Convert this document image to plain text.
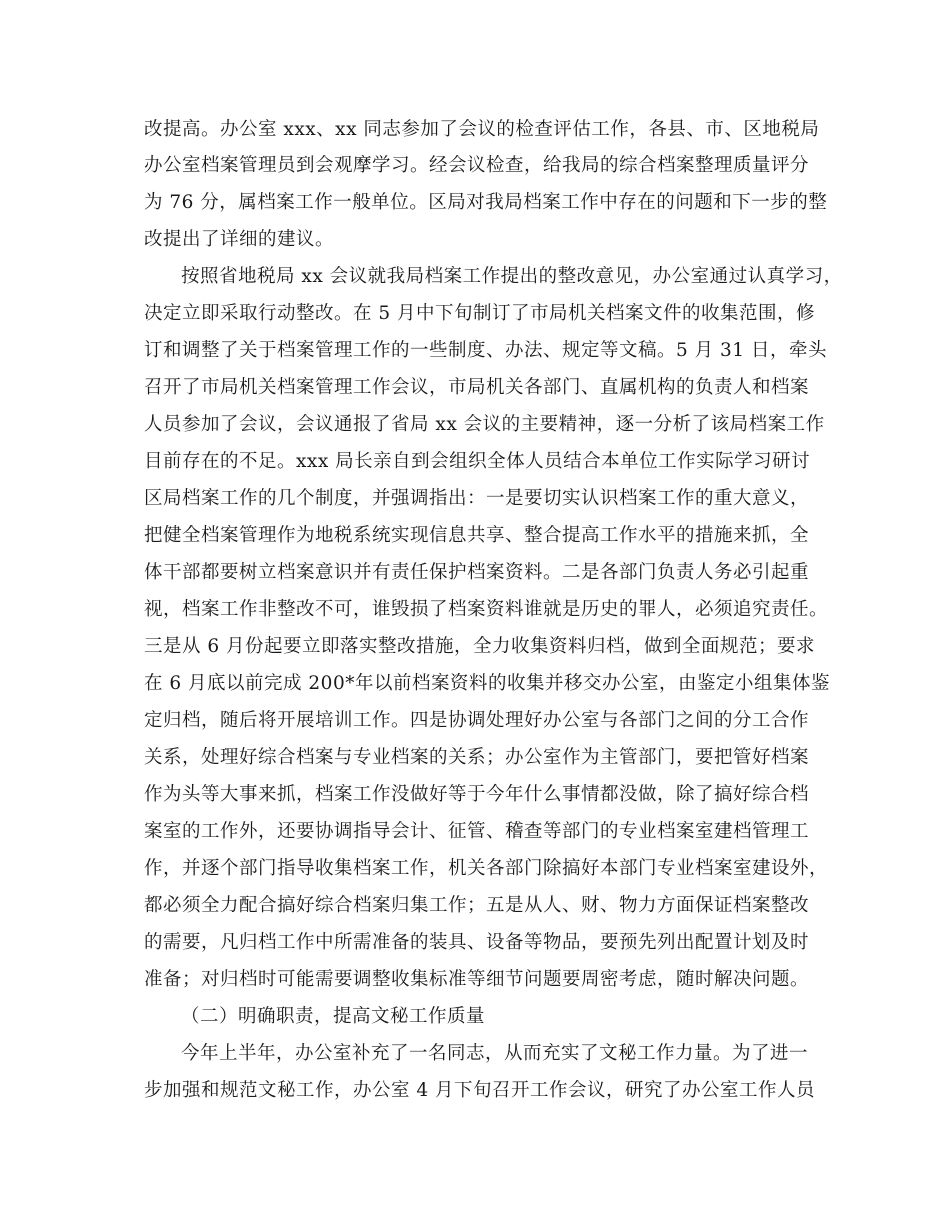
改提高。办公室 xxx、xx 同志参加了会议的检查评估工作，各县、市、区地税局
办公室档案管理员到会观摩学习。经会议检查，给我局的综合档案整理质量评分
为 76 分，属档案工作一般单位。区局对我局档案工作中存在的问题和下一步的整
改提出了详细的建议。
按照省地税局 xx 会议就我局档案工作提出的整改意见，办公室通过认真学习，
决定立即采取行动整改。在 5 月中下旬制订了市局机关档案文件的收集范围，修
订和调整了关于档案管理工作的一些制度、办法、规定等文稿。5 月 31 日，牵头
召开了市局机关档案管理工作会议，市局机关各部门、直属机构的负责人和档案
人员参加了会议，会议通报了省局 xx 会议的主要精神，逐一分析了该局档案工作
目前存在的不足。xxx 局长亲自到会组织全体人员结合本单位工作实际学习研讨
区局档案工作的几个制度，并强调指出：一是要切实认识档案工作的重大意义，
把健全档案管理作为地税系统实现信息共享、整合提高工作水平的措施来抓，全
体干部都要树立档案意识并有责任保护档案资料。二是各部门负责人务必引起重
视，档案工作非整改不可，谁毁损了档案资料谁就是历史的罪人，必须追究责任。
三是从 6 月份起要立即落实整改措施，全力收集资料归档，做到全面规范；要求
在 6 月底以前完成 200*年以前档案资料的收集并移交办公室，由鉴定小组集体鉴
定归档，随后将开展培训工作。四是协调处理好办公室与各部门之间的分工合作
关系，处理好综合档案与专业档案的关系；办公室作为主管部门，要把管好档案
作为头等大事来抓，档案工作没做好等于今年什么事情都没做，除了搞好综合档
案室的工作外，还要协调指导会计、征管、稽查等部门的专业档案室建档管理工
作，并逐个部门指导收集档案工作，机关各部门除搞好本部门专业档案室建设外，
都必须全力配合搞好综合档案归集工作；五是从人、财、物力方面保证档案整改
的需要，凡归档工作中所需准备的装具、设备等物品，要预先列出配置计划及时
准备；对归档时可能需要调整收集标准等细节问题要周密考虑，随时解决问题。
（二）明确职责，提高文秘工作质量
今年上半年，办公室补充了一名同志，从而充实了文秘工作力量。为了进一
步加强和规范文秘工作，办公室 4 月下旬召开工作会议，研究了办公室工作人员
